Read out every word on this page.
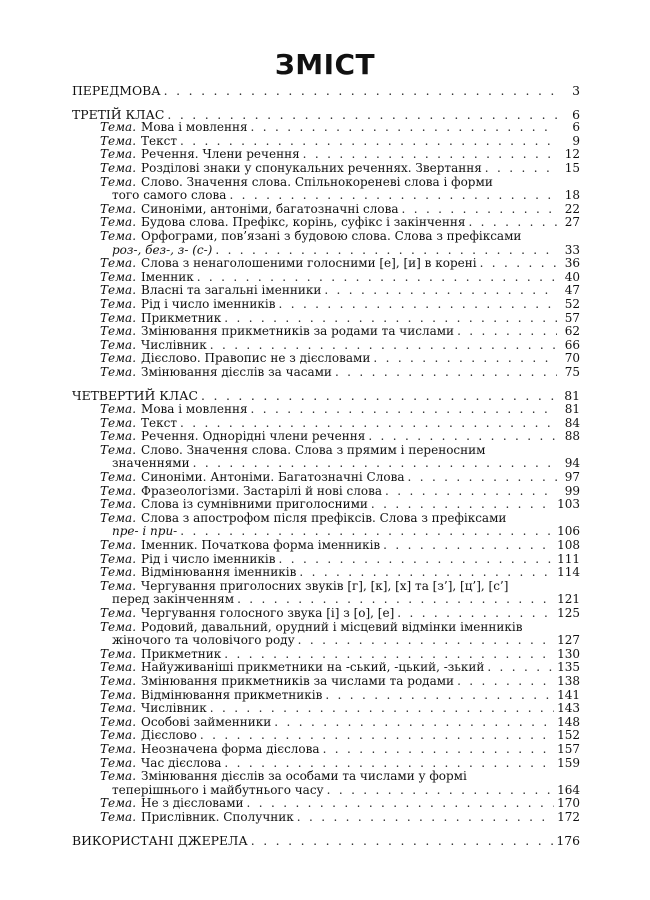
ЗМІСТ
ПЕРЕДМОВА . . .	3
ТРЕТІЙ КЛАС . . .	6
Тема. Мова і мовлення . . .	6
Тема. Текст . . .	9
Тема. Речення. Члени речення . . .	12
Тема. Розділові знаки у спонукальних реченнях. Звертання . . .	15
Тема. Слово. Значення слова. Спільнокореневі слова і форми
того самого слова . . .	18
Тема. Синоніми, антоніми, багатозначні слова . . .	22
Тема. Будова слова. Префікс, корінь, суфікс і закінчення . . .	27
Тема. Орфограми, пов’язані з будовою слова. Слова з префіксами
роз-, без-, з- (с-) . . .	33
Тема. Слова з ненаголошеними голосними [е], [и] в корені . . .	36
Тема. Іменник . . .	40
Тема. Власні та загальні іменники . . .	47
Тема. Рід і число іменників . . .	52
Тема. Прикметник . . .	57
Тема. Змінювання прикметників за родами та числами . . .	62
Тема. Числівник . . .	66
Тема. Дієслово. Правопис не з дієсловами . . .	70
Тема. Змінювання дієслів за часами . . .	75
ЧЕТВЕРТИЙ КЛАС . . .	81
Тема. Мова і мовлення . . .	81
Тема. Текст . . .	84
Тема. Речення. Однорідні члени речення . . .	88
Тема. Слово. Значення слова. Слова з прямим і переносним
значеннями . . .	94
Тема. Синоніми. Антоніми. Багатозначні Слова . . .	97
Тема. Фразеологізми. Застарілі й нові слова . . .	99
Тема. Слова із сумнівними приголосними . . .	103
Тема. Слова з апострофом після префіксів. Слова з префіксами
пре- і при- . . .	106
Тема. Іменник. Початкова форма іменників . . .	108
Тема. Рід і число іменників . . .	111
Тема. Відмінювання іменників . . .	114
Тема. Чергування приголосних звуків [г], [к], [х] та [з’], [ц’], [с’]
перед закінченням . . .	121
Тема. Чергування голосного звука [і] з [о], [е] . . .	125
Тема. Родовий, давальний, орудний і місцевий відмінки іменників
жіночого та чоловічого роду . . .	127
Тема. Прикметник . . .	130
Тема. Найуживаніші прикметники на -ський, -цький, -зький . . .	135
Тема. Змінювання прикметників за числами та родами . . .	138
Тема. Відмінювання прикметників . . .	141
Тема. Числівник . . .	143
Тема. Особові займенники . . .	148
Тема. Дієслово . . .	152
Тема. Неозначена форма дієслова . . .	157
Тема. Час дієслова . . .	159
Тема. Змінювання дієслів за особами та числами у формі
теперішнього і майбутнього часу . . .	164
Тема. Не з дієсловами . . .	170
Тема. Прислівник. Сполучник . . .	172
ВИКОРИСТАНІ ДЖЕРЕЛА . . .	176
